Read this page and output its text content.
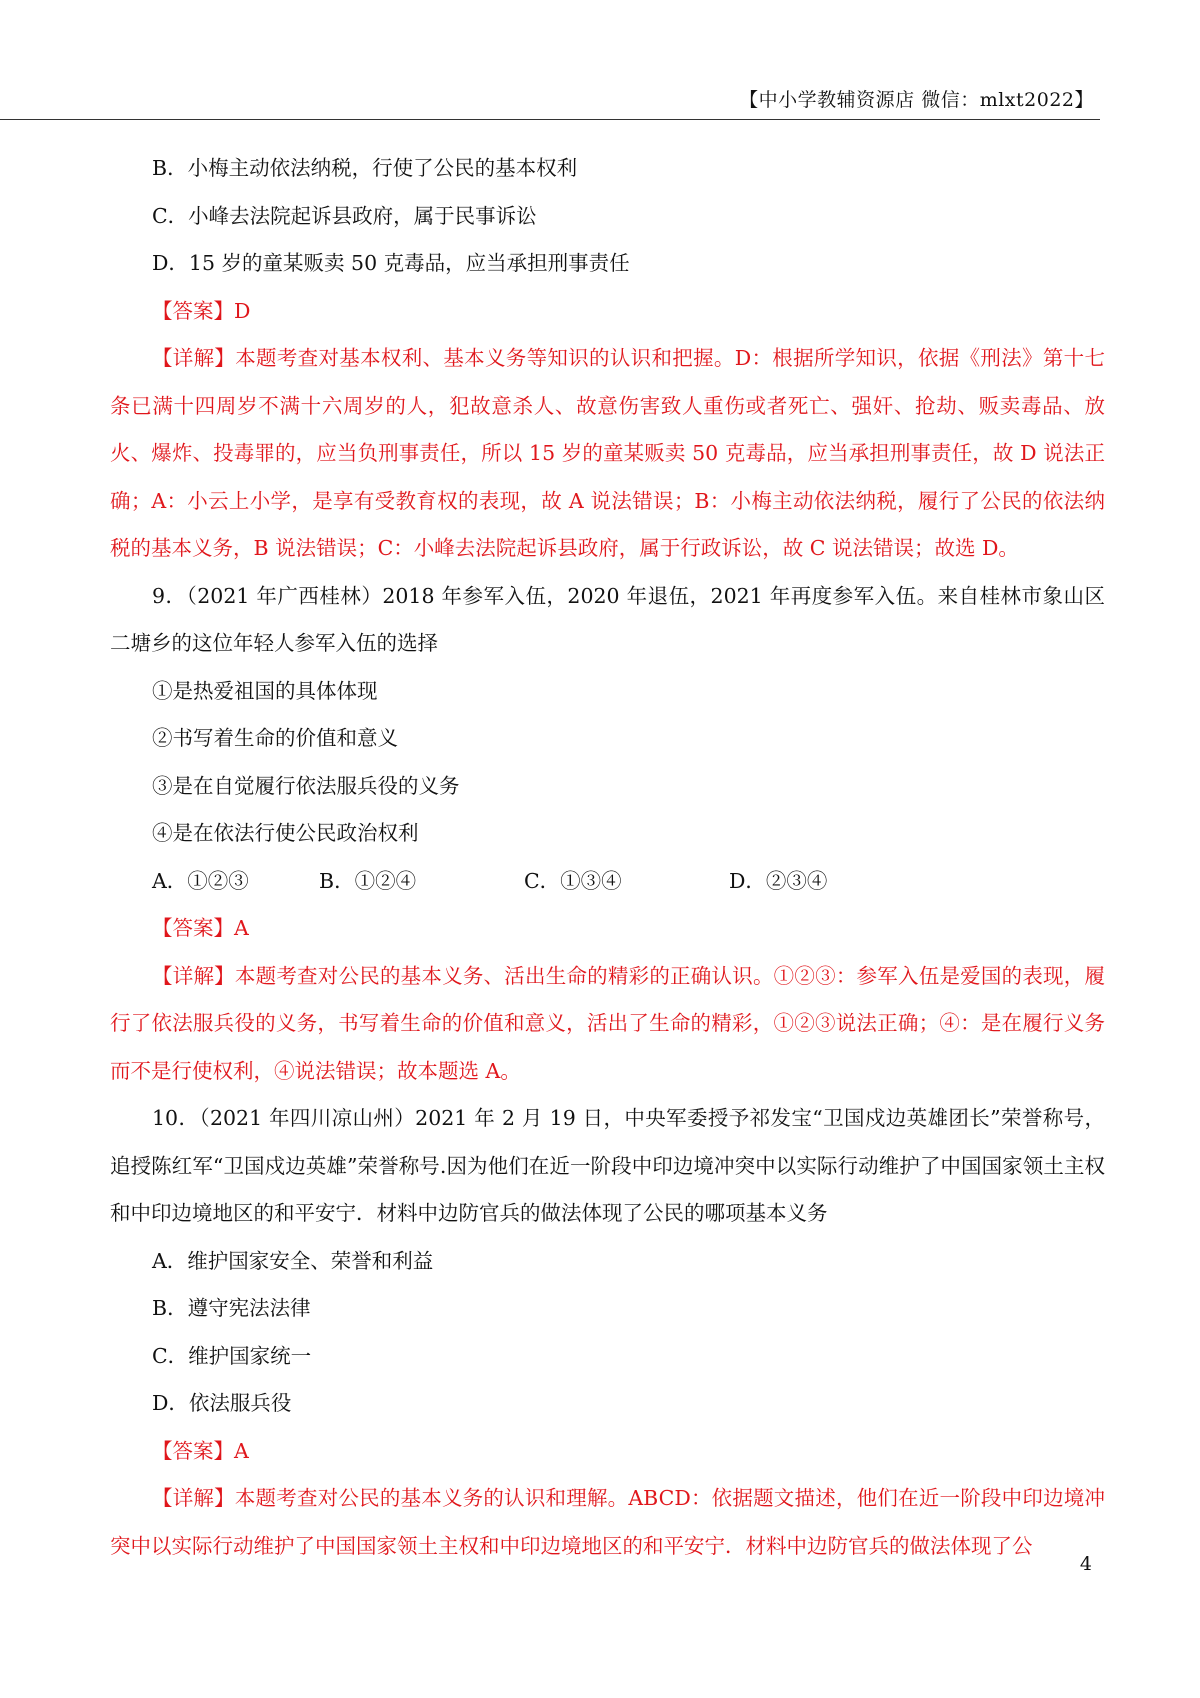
【中小学教辅资源店 微信：mlxt2022】

B．小梅主动依法纳税，行使了公民的基本权利

C．小峰去法院起诉县政府，属于民事诉讼

D．15 岁的童某贩卖 50 克毒品，应当承担刑事责任

【答案】D

【详解】本题考查对基本权利、基本义务等知识的认识和把握。D：根据所学知识，依据《刑法》第十七条已满十四周岁不满十六周岁的人，犯故意杀人、故意伤害致人重伤或者死亡、强奸、抢劫、贩卖毒品、放火、爆炸、投毒罪的，应当负刑事责任，所以 15 岁的童某贩卖 50 克毒品，应当承担刑事责任，故 D 说法正确；A：小云上小学，是享有受教育权的表现，故 A 说法错误；B：小梅主动依法纳税，履行了公民的依法纳税的基本义务，B 说法错误；C：小峰去法院起诉县政府，属于行政诉讼，故 C 说法错误；故选 D。

9．（2021 年广西桂林）2018 年参军入伍，2020 年退伍，2021 年再度参军入伍。来自桂林市象山区二塘乡的这位年轻人参军入伍的选择

①是热爱祖国的具体体现

②书写着生命的价值和意义

③是在自觉履行依法服兵役的义务

④是在依法行使公民政治权利

A．①②③	B．①②④	C．①③④	D．②③④

【答案】A

【详解】本题考查对公民的基本义务、活出生命的精彩的正确认识。①②③：参军入伍是爱国的表现，履行了依法服兵役的义务，书写着生命的价值和意义，活出了生命的精彩，①②③说法正确；④：是在履行义务而不是行使权利，④说法错误；故本题选 A。

10．（2021 年四川凉山州）2021 年 2 月 19 日，中央军委授予祁发宝“卫国戍边英雄团长”荣誉称号，追授陈红军“卫国戍边英雄”荣誉称号.因为他们在近一阶段中印边境冲突中以实际行动维护了中国国家领土主权和中印边境地区的和平安宁．材料中边防官兵的做法体现了公民的哪项基本义务

A．维护国家安全、荣誉和利益

B．遵守宪法法律

C．维护国家统一

D．依法服兵役

【答案】A

【详解】本题考查对公民的基本义务的认识和理解。ABCD：依据题文描述，他们在近一阶段中印边境冲突中以实际行动维护了中国国家领土主权和中印边境地区的和平安宁．材料中边防官兵的做法体现了公

4
